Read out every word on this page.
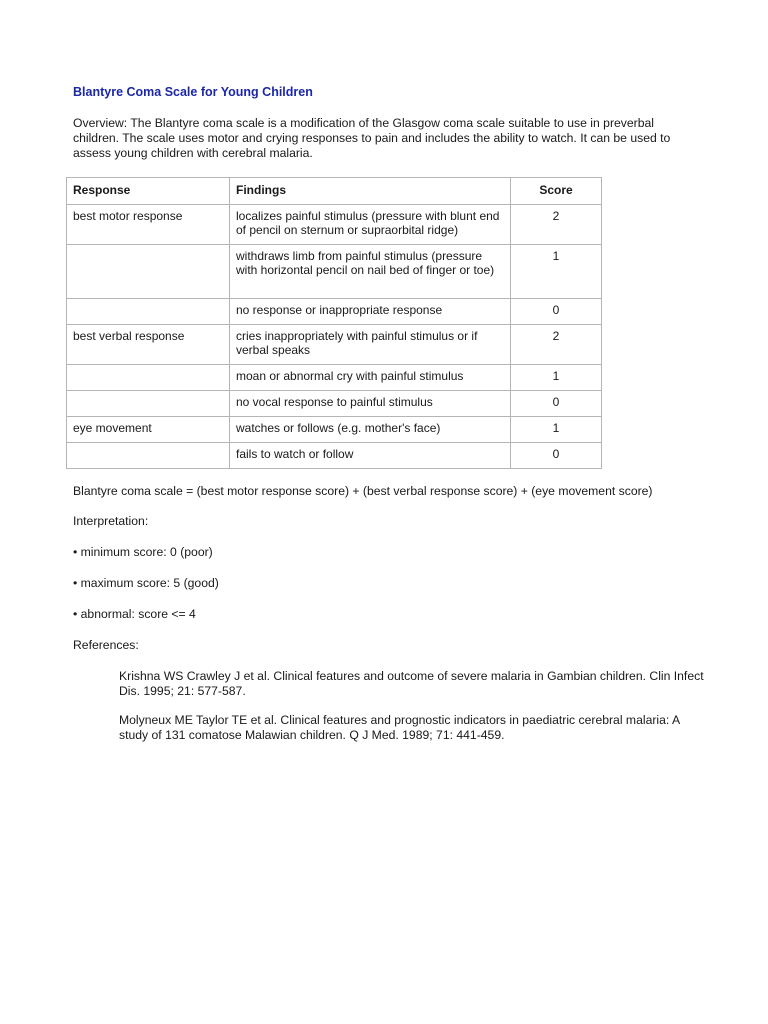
Blantyre Coma Scale for Young Children
Overview: The Blantyre coma scale is a modification of the Glasgow coma scale suitable to use in preverbal children. The scale uses motor and crying responses to pain and includes the ability to watch. It can be used to assess young children with cerebral malaria.
Response	Findings	Score
best motor response	localizes painful stimulus (pressure with blunt end of pencil on sternum or supraorbital ridge)	2
	withdraws limb from painful stimulus (pressure with horizontal pencil on nail bed of finger or toe)	1
	no response or inappropriate response	0
best verbal response	cries inappropriately with painful stimulus or if verbal speaks	2
	moan or abnormal cry with painful stimulus	1
	no vocal response to painful stimulus	0
eye movement	watches or follows (e.g. mother's face)	1
	fails to watch or follow	0
Blantyre coma scale = (best motor response score) + (best verbal response score) + (eye movement score)
Interpretation:
• minimum score: 0 (poor)
• maximum score: 5 (good)
• abnormal: score <= 4
References:
Krishna WS Crawley J et al. Clinical features and outcome of severe malaria in Gambian children. Clin Infect Dis. 1995; 21: 577-587.
Molyneux ME Taylor TE et al. Clinical features and prognostic indicators in paediatric cerebral malaria: A study of 131 comatose Malawian children. Q J Med. 1989; 71: 441-459.
